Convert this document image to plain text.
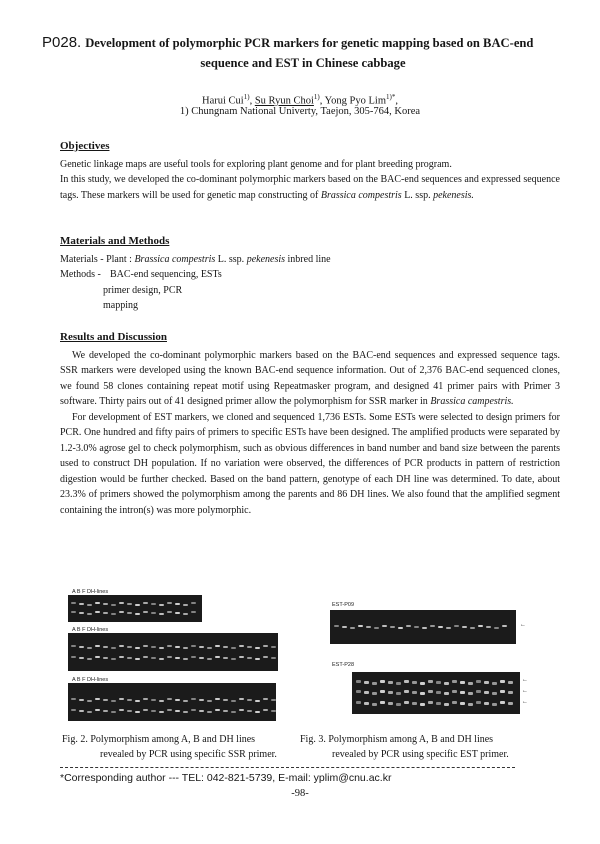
P028. Development of polymorphic PCR markers for genetic mapping based on BAC-end
sequence and EST in Chinese cabbage
Harui Cui$^{1)}$, Su Ryun Choi$^{1)}$, Yong Pyo Lim$^{1)*}$,
1) Chungnam National Univerty, Taejon, 305-764, Korea
Objectives
Genetic linkage maps are useful tools for exploring plant genome and for plant breeding program.
In this study, we developed the co-dominant polymorphic markers based on the BAC-end sequences and expressed sequence tags. These markers will be used for genetic map constructing of Brassica compestris L. ssp. pekenesis.
Materials and Methods
Materials - Plant : Brassica compestris L. ssp. pekenesis inbred line
Methods - BAC-end sequencing, ESTs
primer design, PCR
mapping
Results and Discussion
We developed the co-dominant polymorphic markers based on the BAC-end sequences and expressed sequence tags. SSR markers were developed using the known BAC-end sequence information. Out of 2,376 BAC-end sequenced clones, we found 58 clones containing repeat motif using Repeatmasker program, and designed 41 primer pairs with Primer 3 software. Thirty pairs out of 41 designed primer allow the polymorphism for SSR marker in Brassica campestris.
For development of EST markers, we cloned and sequenced 1,736 ESTs. Some ESTs were selected to design primers for PCR. One hundred and fifty pairs of primers to specific ESTs have been designed. The amplified products were separated by 1.2-3.0% agrose gel to check polymorphism, such as obvious differences in band number and band size between the parents used to construct DH population. If no variation were observed, the differences of PCR products in pattern of restriction digestion would be further checked. Based on the band pattern, genotype of each DH line was determined. To date, about 23.3% of primers showed the polymorphism among the parents and 86 DH lines. We also found that the amplified segment containing the intron(s) was more polymorphic.
A B F DH-lines
A B F DH-lines
A B F DH-lines
EST-P09
←
EST-P28
←
←
←
Fig. 2. Polymorphism among A, B and DH lines
revealed by PCR using specific SSR primer.
Fig. 3. Polymorphism among A, B and DH lines
revealed by PCR using specific EST primer.
*Corresponding author --- TEL: 042-821-5739, E-mail: yplim@cnu.ac.kr
-98-
